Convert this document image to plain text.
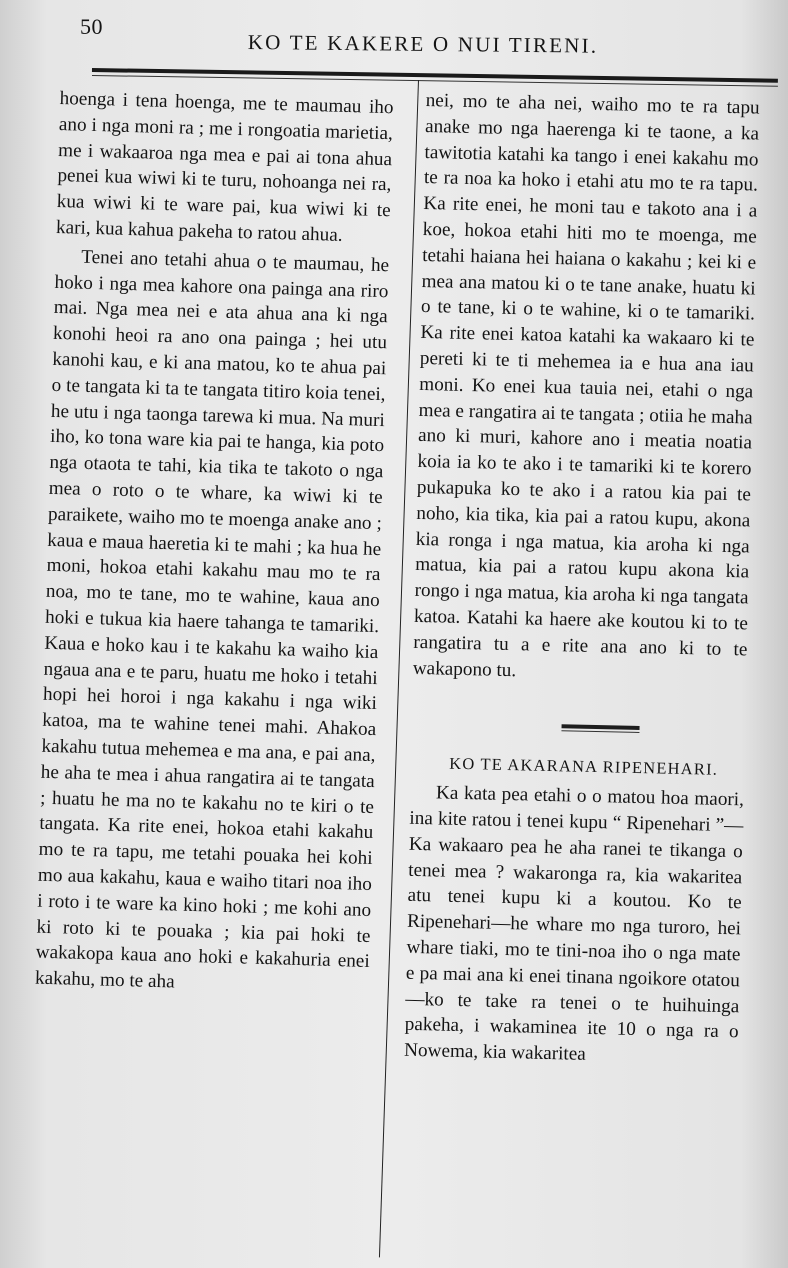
50
KO TE KAKERE O NUI TIRENI.

hoenga i tena hoenga, me te maumau iho ano i nga moni ra ; me i rongoatia marietia, me i wakaaroa nga mea e pai ai tona ahua penei kua wiwi ki te turu, nohoanga nei ra, kua wiwi ki te ware pai, kua wiwi ki te kari, kua kahua pakeha to ratou ahua.

Tenei ano tetahi ahua o te maumau, he hoko i nga mea kahore ona painga ana riro mai. Nga mea nei e ata ahua ana ki nga konohi heoi ra ano ona painga ; hei utu kanohi kau, e ki ana matou, ko te ahua pai o te tangata ki ta te tangata titiro koia tenei, he utu i nga taonga tarewa ki mua. Na muri iho, ko tona ware kia pai te hanga, kia poto nga otaota te tahi, kia tika te takoto o nga mea o roto o te whare, ka wiwi ki te paraikete, waiho mo te moenga anake ano ; kaua e maua haeretia ki te mahi ; ka hua he moni, hokoa etahi kakahu mau mo te ra noa, mo te tane, mo te wahine, kaua ano hoki e tukua kia haere tahanga te tamariki. Kaua e hoko kau i te kakahu ka waiho kia ngaua ana e te paru, huatu me hoko i tetahi hopi hei horoi i nga kakahu i nga wiki katoa, ma te wahine tenei mahi. Ahakoa kakahu tutua mehemea e ma ana, e pai ana, he aha te mea i ahua rangatira ai te tangata ; huatu he ma no te kakahu no te kiri o te tangata. Ka rite enei, hokoa etahi kakahu mo te ra tapu, me tetahi pouaka hei kohi mo aua kakahu, kaua e waiho titari noa iho i roto i te ware ka kino hoki ; me kohi ano ki roto ki te pouaka ; kia pai hoki te wakakopa kaua ano hoki e kakahuria enei kakahu, mo te aha

nei, mo te aha nei, waiho mo te ra tapu anake mo nga haerenga ki te taone, a ka tawitotia katahi ka tango i enei kakahu mo te ra noa ka hoko i etahi atu mo te ra tapu. Ka rite enei, he moni tau e takoto ana i a koe, hokoa etahi hiti mo te moenga, me tetahi haiana hei haiana o kakahu ; kei ki e mea ana matou ki o te tane anake, huatu ki o te tane, ki o te wahine, ki o te tamariki. Ka rite enei katoa katahi ka wakaaro ki te pereti ki te ti mehemea ia e hua ana iau moni. Ko enei kua tauia nei, etahi o nga mea e rangatira ai te tangata ; otiia he maha ano ki muri, kahore ano i meatia noatia koia ia ko te ako i te tamariki ki te korero pukapuka ko te ako i a ratou kia pai te noho, kia tika, kia pai a ratou kupu, akona kia ronga i nga matua, kia aroha ki nga matua, kia pai a ratou kupu akona kia rongo i nga matua, kia aroha ki nga tangata katoa. Katahi ka haere ake koutou ki to te rangatira tu a e rite ana ano ki to te wakapono tu.

KO TE AKARANA RIPENEHARI.

Ka kata pea etahi o o matou hoa maori, ina kite ratou i tenei kupu “ Ripenehari ”—Ka wakaaro pea he aha ranei te tikanga o tenei mea ? wakaronga ra, kia wakaritea atu tenei kupu ki a koutou. Ko te Ripenehari—he whare mo nga turoro, hei whare tiaki, mo te tini-noa iho o nga mate e pa mai ana ki enei tinana ngoikore otatou—ko te take ra tenei o te huihuinga pakeha, i wakaminea ite 10 o nga ra o Nowema, kia wakaritea
